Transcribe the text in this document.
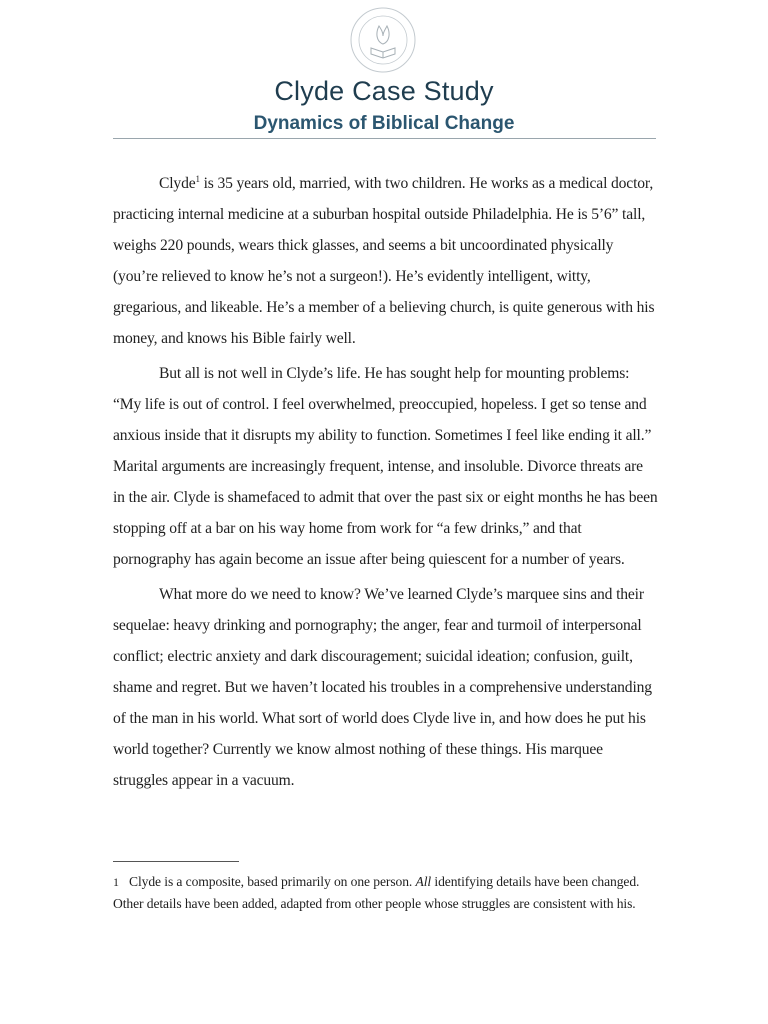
Clyde Case Study
Dynamics of Biblical Change

Clyde$^1$ is 35 years old, married, with two children. He works as a medical doctor, practicing internal medicine at a suburban hospital outside Philadelphia. He is 5’6” tall, weighs 220 pounds, wears thick glasses, and seems a bit uncoordinated physically (you’re relieved to know he’s not a surgeon!). He’s evidently intelligent, witty, gregarious, and likeable. He’s a member of a believing church, is quite generous with his money, and knows his Bible fairly well.

But all is not well in Clyde’s life. He has sought help for mounting problems: “My life is out of control. I feel overwhelmed, preoccupied, hopeless. I get so tense and anxious inside that it disrupts my ability to function. Sometimes I feel like ending it all.” Marital arguments are increasingly frequent, intense, and insoluble. Divorce threats are in the air. Clyde is shamefaced to admit that over the past six or eight months he has been stopping off at a bar on his way home from work for “a few drinks,” and that pornography has again become an issue after being quiescent for a number of years.

What more do we need to know? We’ve learned Clyde’s marquee sins and their sequelae: heavy drinking and pornography; the anger, fear and turmoil of interpersonal conflict; electric anxiety and dark discouragement; suicidal ideation; confusion, guilt, shame and regret. But we haven’t located his troubles in a comprehensive understanding of the man in his world. What sort of world does Clyde live in, and how does he put his world together? Currently we know almost nothing of these things. His marquee struggles appear in a vacuum.

1 Clyde is a composite, based primarily on one person. All identifying details have been changed. Other details have been added, adapted from other people whose struggles are consistent with his.
